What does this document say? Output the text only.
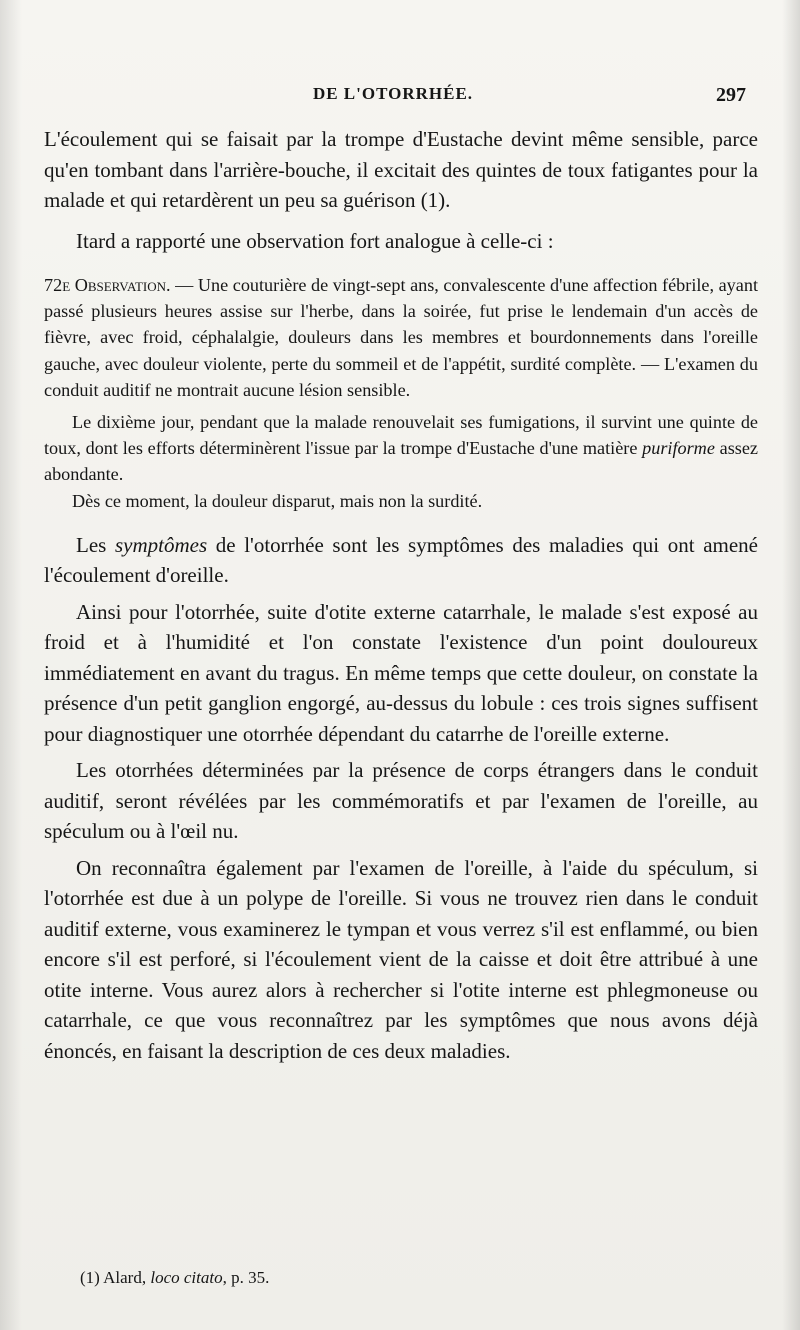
DE L'OTORRHÉE.	297

L'écoulement qui se faisait par la trompe d'Eustache devint même sensible, parce qu'en tombant dans l'arrière-bouche, il excitait des quintes de toux fatigantes pour la malade et qui retardèrent un peu sa guérison (1).

Itard a rapporté une observation fort analogue à celle-ci :

72e Observation. — Une couturière de vingt-sept ans, convalescente d'une affection fébrile, ayant passé plusieurs heures assise sur l'herbe, dans la soirée, fut prise le lendemain d'un accès de fièvre, avec froid, céphalalgie, douleurs dans les membres et bourdonnements dans l'oreille gauche, avec douleur violente, perte du sommeil et de l'appétit, surdité complète. — L'examen du conduit auditif ne montrait aucune lésion sensible.

Le dixième jour, pendant que la malade renouvelait ses fumigations, il survint une quinte de toux, dont les efforts déterminèrent l'issue par la trompe d'Eustache d'une matière puriforme assez abondante.

Dès ce moment, la douleur disparut, mais non la surdité.

Les symptômes de l'otorrhée sont les symptômes des maladies qui ont amené l'écoulement d'oreille.

Ainsi pour l'otorrhée, suite d'otite externe catarrhale, le malade s'est exposé au froid et à l'humidité et l'on constate l'existence d'un point douloureux immédiatement en avant du tragus. En même temps que cette douleur, on constate la présence d'un petit ganglion engorgé, au-dessus du lobule : ces trois signes suffisent pour diagnostiquer une otorrhée dépendant du catarrhe de l'oreille externe.

Les otorrhées déterminées par la présence de corps étrangers dans le conduit auditif, seront révélées par les commémoratifs et par l'examen de l'oreille, au spéculum ou à l'œil nu.

On reconnaîtra également par l'examen de l'oreille, à l'aide du spéculum, si l'otorrhée est due à un polype de l'oreille. Si vous ne trouvez rien dans le conduit auditif externe, vous examinerez le tympan et vous verrez s'il est enflammé, ou bien encore s'il est perforé, si l'écoulement vient de la caisse et doit être attribué à une otite interne. Vous aurez alors à rechercher si l'otite interne est phlegmoneuse ou catarrhale, ce que vous reconnaîtrez par les symptômes que nous avons déjà énoncés, en faisant la description de ces deux maladies.

(1) Alard, loco citato, p. 35.
